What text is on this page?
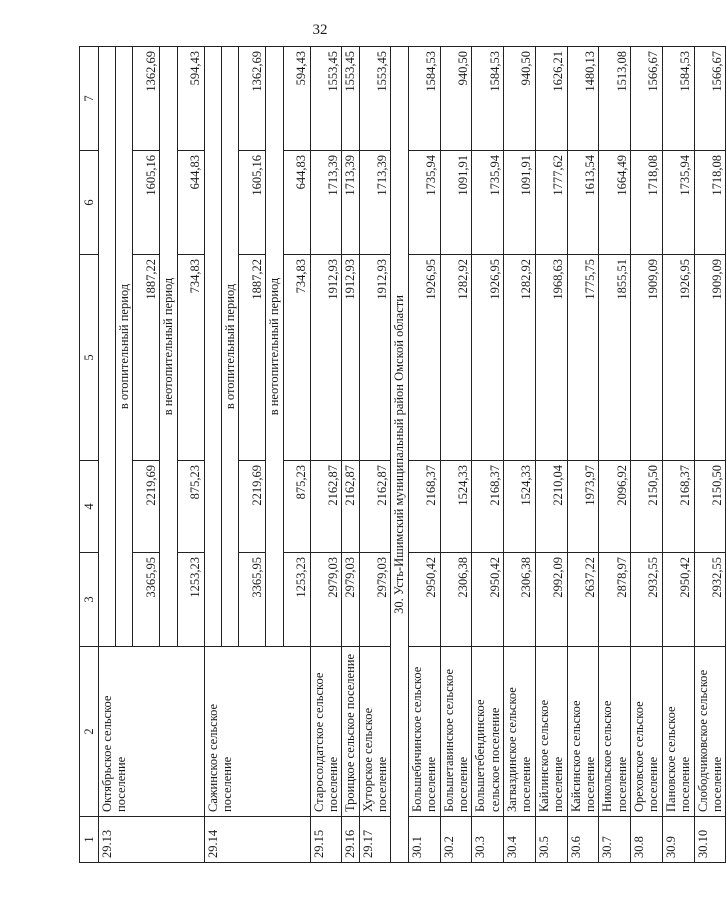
32
1	2	3	4	5	6	7
29.13	Октябрьское сельское поселение					
		в отопительный период				
		3365,95	2219,69	1887,22	1605,16	1362,69
		в неотопительный период				
		1253,23	875,23	734,83	644,83	594,43
29.14	Сажинское сельское поселение					
		в отопительный период				
		3365,95	2219,69	1887,22	1605,16	1362,69
		в неотопительный период				
		1253,23	875,23	734,83	644,83	594,43
29.15	Старосолдатское сельское поселение	2979,03	2162,87	1912,93	1713,39	1553,45
29.16	Троицкое сельское поселение	2979,03	2162,87	1912,93	1713,39	1553,45
29.17	Хуторское сельское поселение	2979,03	2162,87	1912,93	1713,39	1553,45
30. Усть-Ишимский муниципальный район Омской области						
30.1	Большебичинское сельское поселение	2950,42	2168,37	1926,95	1735,94	1584,53
30.2	Большетавинское сельское поселение	2306,38	1524,33	1282,92	1091,91	940,50
30.3	Большетебендинское сельское поселение	2950,42	2168,37	1926,95	1735,94	1584,53
30.4	Загваздинское сельское поселение	2306,38	1524,33	1282,92	1091,91	940,50
30.5	Кайлинское сельское поселение	2992,09	2210,04	1968,63	1777,62	1626,21
30.6	Кайсинское сельское поселение	2637,22	1973,97	1775,75	1613,54	1480,13
30.7	Никольское сельское поселение	2878,97	2096,92	1855,51	1664,49	1513,08
30.8	Ореховское сельское поселение	2932,55	2150,50	1909,09	1718,08	1566,67
30.9	Пановское сельское поселение	2950,42	2168,37	1926,95	1735,94	1584,53
30.10	Слободчиковское сельское поселение	2932,55	2150,50	1909,09	1718,08	1566,67
